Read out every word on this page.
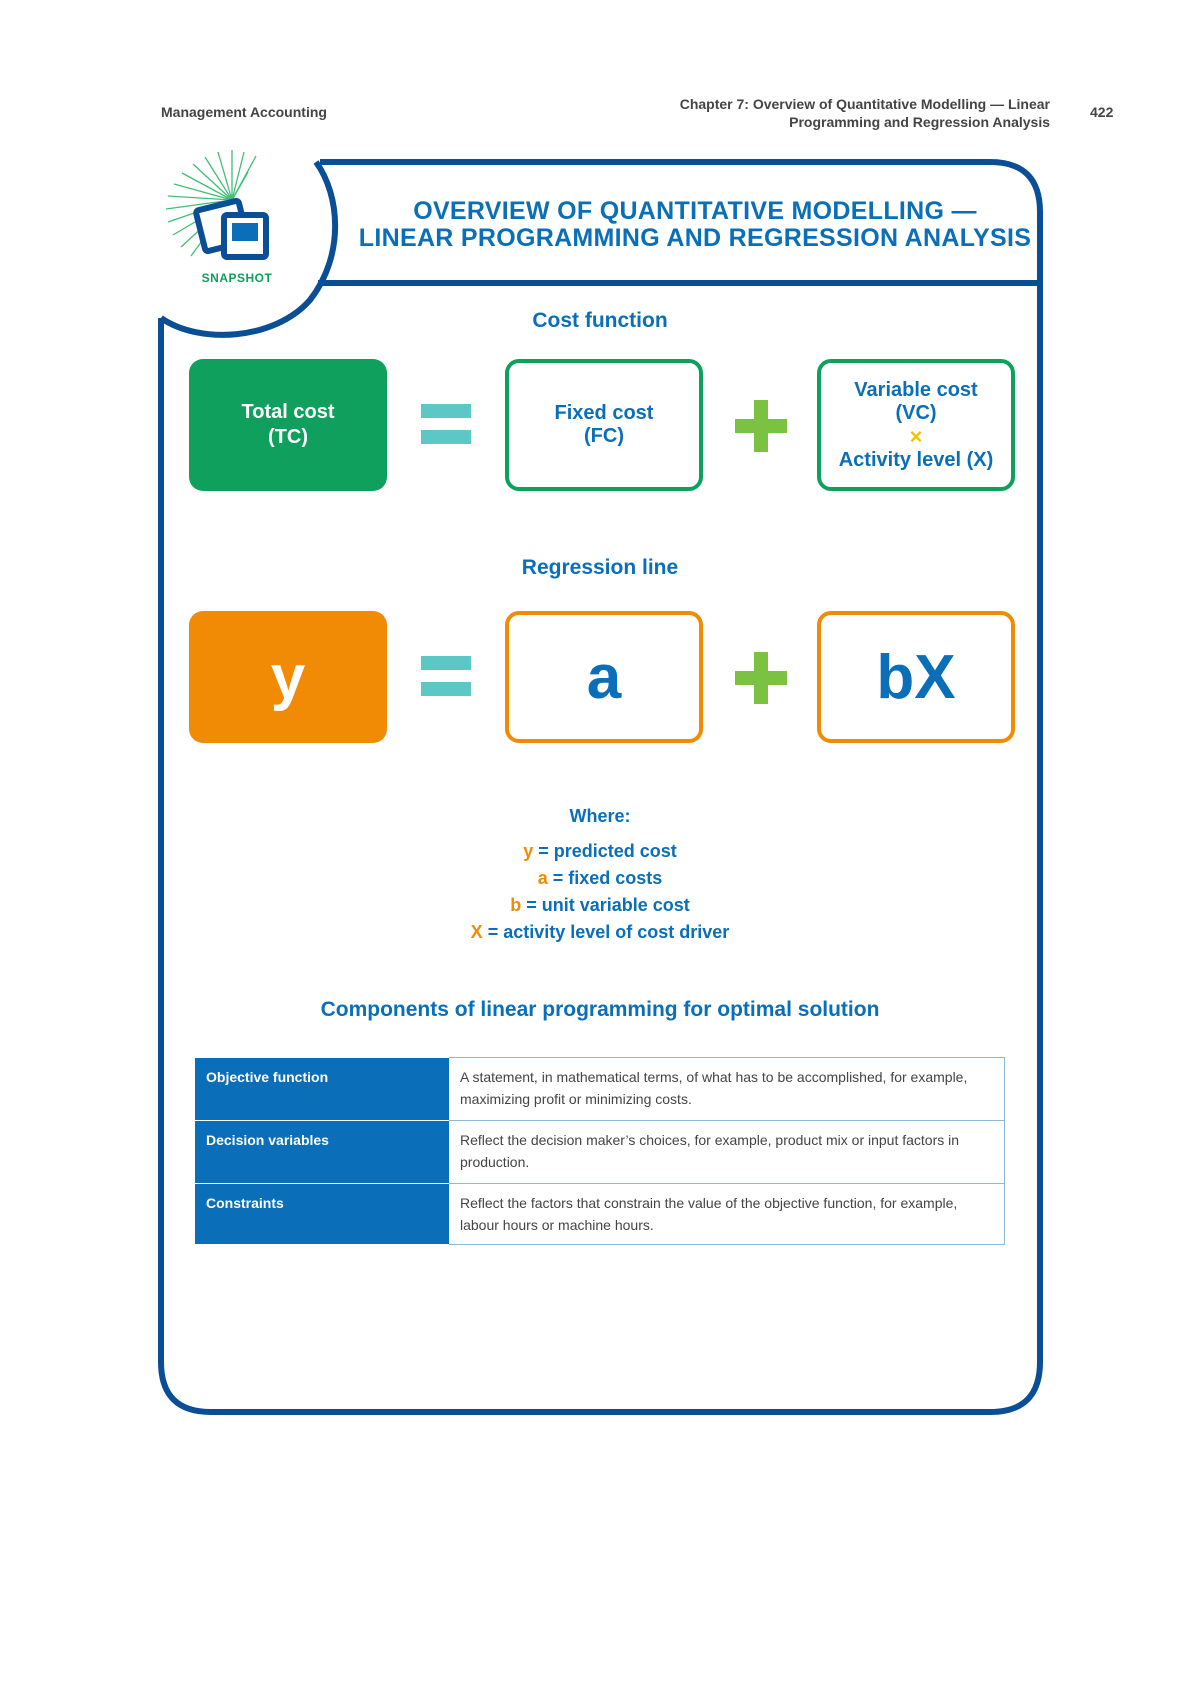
Management Accounting	Chapter 7: Overview of Quantitative Modelling — Linear
Programming and Regression Analysis
422
SNAPSHOT
OVERVIEW OF QUANTITATIVE MODELLING —
LINEAR PROGRAMMING AND REGRESSION ANALYSIS
Cost function
Total cost
(TC)
Fixed cost
(FC)
Variable cost
(VC)
×
Activity level (X)
Regression line
y	a	bX
Where:
y = predicted cost
a = fixed costs
b = unit variable cost
X = activity level of cost driver
Components of linear programming for optimal solution
Objective function	A statement, in mathematical terms, of what has to be accomplished, for example, maximizing profit or minimizing costs.
Decision variables	Reflect the decision maker’s choices, for example, product mix or input factors in production.
Constraints	Reflect the factors that constrain the value of the objective function, for example, labour hours or machine hours.
